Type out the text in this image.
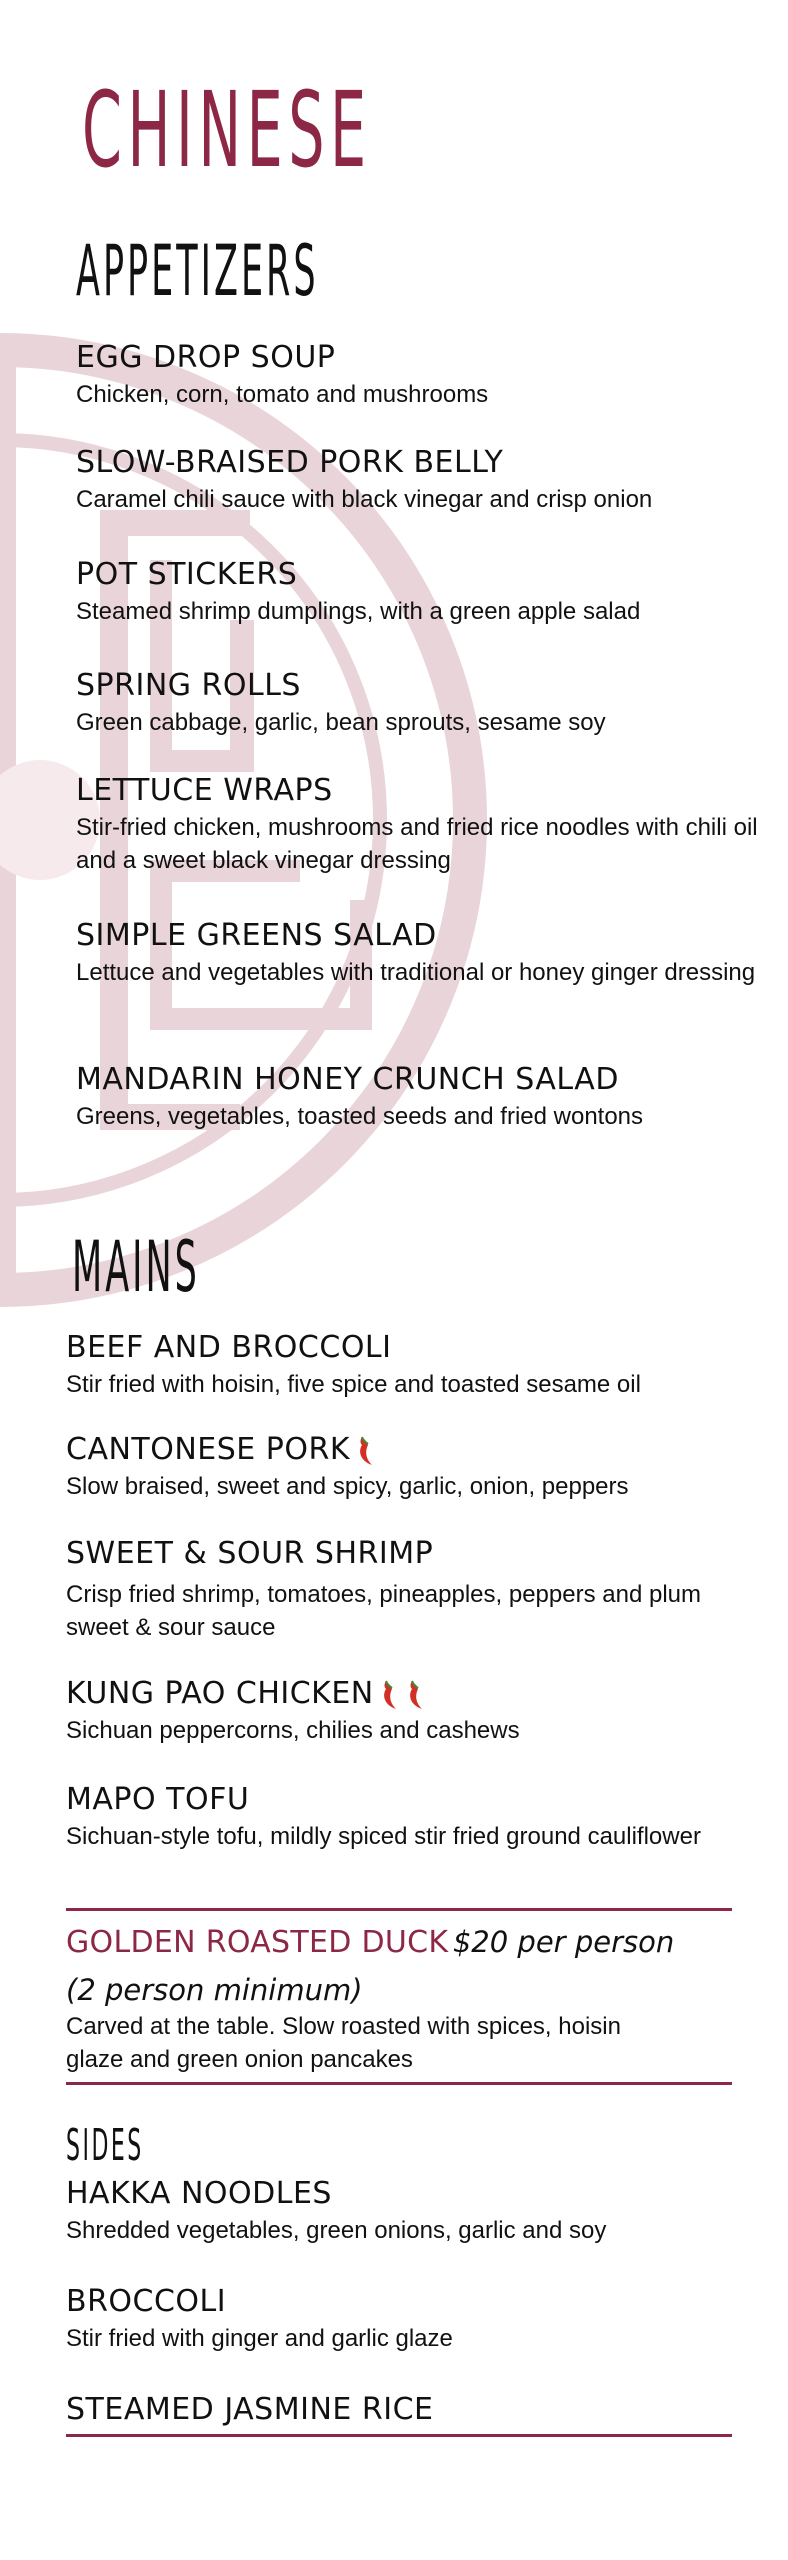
CHINESE
APPETIZERS
EGG DROP SOUP
Chicken, corn, tomato and mushrooms
SLOW-BRAISED PORK BELLY
Caramel chili sauce with black vinegar and crisp onion
POT STICKERS
Steamed shrimp dumplings, with a green apple salad
SPRING ROLLS
Green cabbage, garlic, bean sprouts, sesame soy
LETTUCE WRAPS
Stir-fried chicken, mushrooms and fried rice noodles with chili oil and a sweet black vinegar dressing
SIMPLE GREENS SALAD
Lettuce and vegetables with traditional or honey ginger dressing
MANDARIN HONEY CRUNCH SALAD
Greens, vegetables, toasted seeds and fried wontons
MAINS
BEEF AND BROCCOLI
Stir fried with hoisin, five spice and toasted sesame oil
CANTONESE PORK
Slow braised, sweet and spicy, garlic, onion, peppers
SWEET & SOUR SHRIMP
Crisp fried shrimp, tomatoes, pineapples, peppers and plum sweet & sour sauce
KUNG PAO CHICKEN
Sichuan peppercorns, chilies and cashews
MAPO TOFU
Sichuan-style tofu, mildly spiced stir fried ground cauliflower
GOLDEN ROASTED DUCK $20 per person
(2 person minimum)
Carved at the table. Slow roasted with spices, hoisin glaze and green onion pancakes
SIDES
HAKKA NOODLES
Shredded vegetables, green onions, garlic and soy
BROCCOLI
Stir fried with ginger and garlic glaze
STEAMED JASMINE RICE
